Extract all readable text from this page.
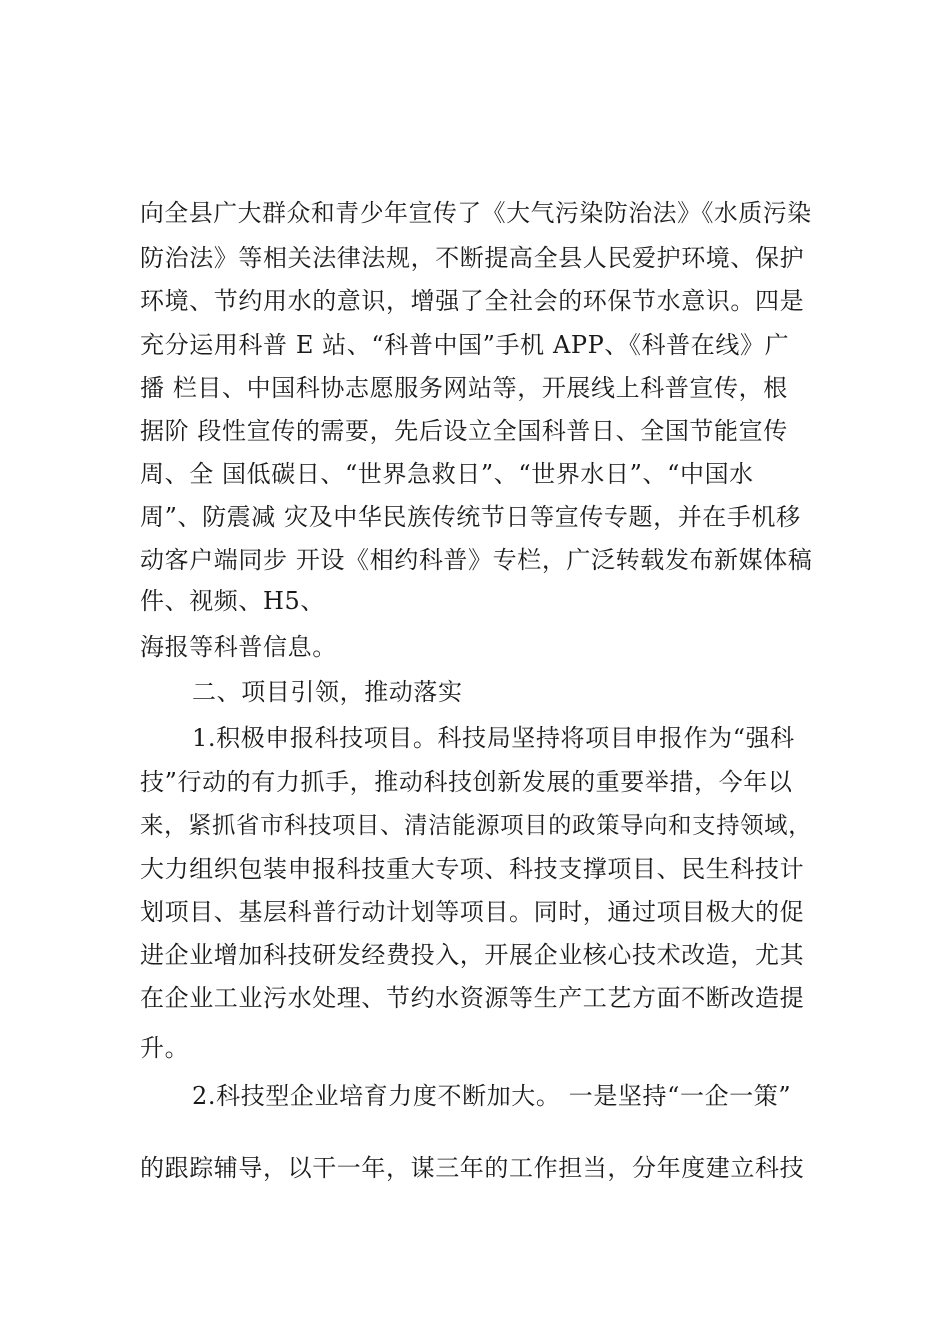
向全县广大群众和青少年宣传了《大气污染防治法》《水质污染

防治法》等相关法律法规，不断提高全县人民爱护环境、保护

环境、节约用水的意识，增强了全社会的环保节水意识。四是

充分运用科普 E 站、“科普中国”手机 APP、《科普在线》广

播 栏目、中国科协志愿服务网站等，开展线上科普宣传，根

据阶 段性宣传的需要，先后设立全国科普日、全国节能宣传

周、全 国低碳日、“世界急救日”、“世界水日”、“中国水

周”、防震减 灾及中华民族传统节日等宣传专题，并在手机移

动客户端同步 开设《相约科普》专栏，广泛转载发布新媒体稿

件、视频、H5、

海报等科普信息。

二、项目引领，推动落实

1.积极申报科技项目。科技局坚持将项目申报作为“强科

技”行动的有力抓手，推动科技创新发展的重要举措，今年以

来，紧抓省市科技项目、清洁能源项目的政策导向和支持领域，

大力组织包装申报科技重大专项、科技支撑项目、民生科技计

划项目、基层科普行动计划等项目。同时，通过项目极大的促

进企业增加科技研发经费投入，开展企业核心技术改造，尤其

在企业工业污水处理、节约水资源等生产工艺方面不断改造提

升。

2.科技型企业培育力度不断加大。 一是坚持“一企一策”

的跟踪辅导，以干一年，谋三年的工作担当，分年度建立科技
